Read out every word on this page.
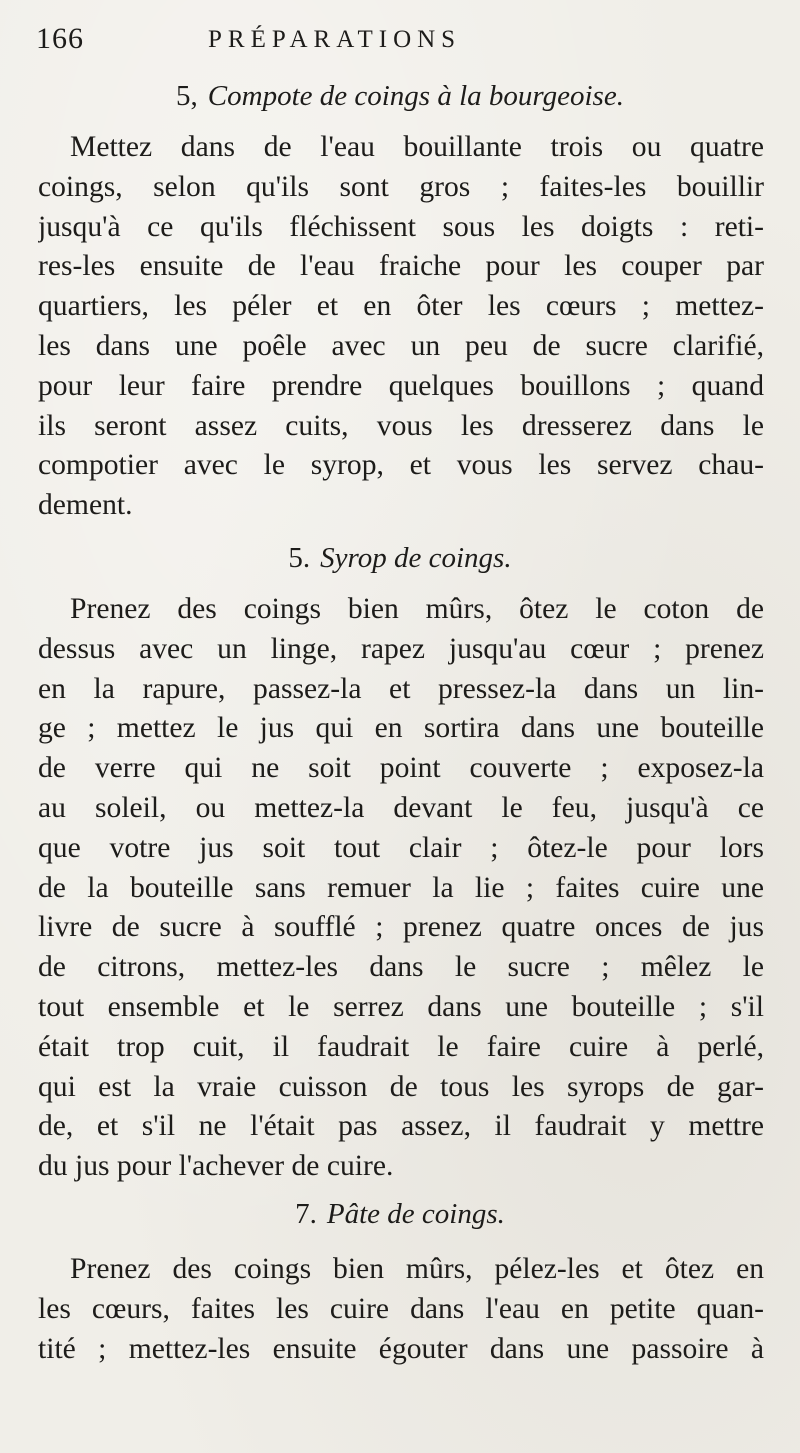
166	PRÉPARATIONS
5, Compote de coings à la bourgeoise.
Mettez dans de l'eau bouillante trois ou quatre
coings, selon qu'ils sont gros ; faites-les bouillir
jusqu'à ce qu'ils fléchissent sous les doigts : reti-
res-les ensuite de l'eau fraiche pour les couper par
quartiers, les péler et en ôter les cœurs ; mettez-
les dans une poêle avec un peu de sucre clarifié,
pour leur faire prendre quelques bouillons ; quand
ils seront assez cuits, vous les dresserez dans le
compotier avec le syrop, et vous les servez chau-
dement.
5. Syrop de coings.
Prenez des coings bien mûrs, ôtez le coton de
dessus avec un linge, rapez jusqu'au cœur ; prenez
en la rapure, passez-la et pressez-la dans un lin-
ge ; mettez le jus qui en sortira dans une bouteille
de verre qui ne soit point couverte ; exposez-la
au soleil, ou mettez-la devant le feu, jusqu'à ce
que votre jus soit tout clair ; ôtez-le pour lors
de la bouteille sans remuer la lie ; faites cuire une
livre de sucre à soufflé ; prenez quatre onces de jus
de citrons, mettez-les dans le sucre ; mêlez le
tout ensemble et le serrez dans une bouteille ; s'il
était trop cuit, il faudrait le faire cuire à perlé,
qui est la vraie cuisson de tous les syrops de gar-
de, et s'il ne l'était pas assez, il faudrait y mettre
du jus pour l'achever de cuire.
7. Pâte de coings.
Prenez des coings bien mûrs, pélez-les et ôtez en
les cœurs, faites les cuire dans l'eau en petite quan-
tité ; mettez-les ensuite égouter dans une passoire à
